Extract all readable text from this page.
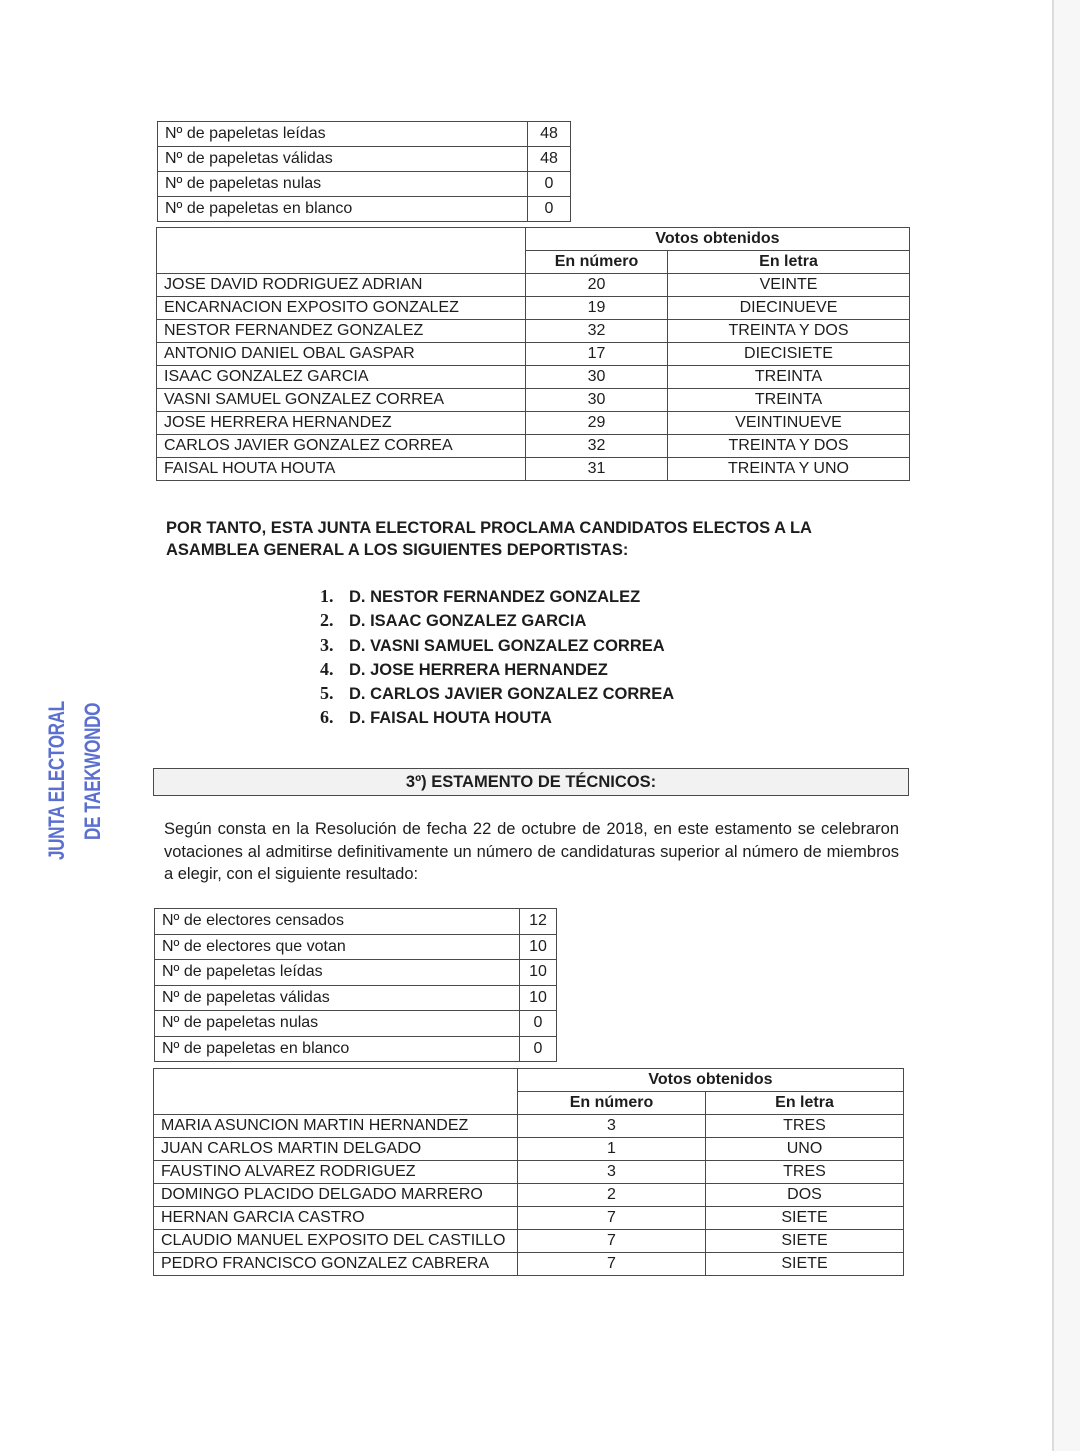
JUNTA ELECTORAL DE TAEKWONDO
Nº de papeletas leídas	48
Nº de papeletas válidas	48
Nº de papeletas nulas	0
Nº de papeletas en blanco	0
	Votos obtenidos	
	En número	En letra
JOSE DAVID RODRIGUEZ ADRIAN	20	VEINTE
ENCARNACION EXPOSITO GONZALEZ	19	DIECINUEVE
NESTOR FERNANDEZ GONZALEZ	32	TREINTA Y DOS
ANTONIO DANIEL OBAL GASPAR	17	DIECISIETE
ISAAC GONZALEZ GARCIA	30	TREINTA
VASNI SAMUEL GONZALEZ CORREA	30	TREINTA
JOSE HERRERA HERNANDEZ	29	VEINTINUEVE
CARLOS JAVIER GONZALEZ CORREA	32	TREINTA Y DOS
FAISAL HOUTA HOUTA	31	TREINTA Y UNO
POR TANTO, ESTA JUNTA ELECTORAL PROCLAMA CANDIDATOS ELECTOS A LA ASAMBLEA GENERAL A LOS SIGUIENTES DEPORTISTAS:
1. D. NESTOR FERNANDEZ GONZALEZ
2. D. ISAAC GONZALEZ GARCIA
3. D. VASNI SAMUEL GONZALEZ CORREA
4. D. JOSE HERRERA HERNANDEZ
5. D. CARLOS JAVIER GONZALEZ CORREA
6. D. FAISAL HOUTA HOUTA
3º) ESTAMENTO DE TÉCNICOS:
Según consta en la Resolución de fecha 22 de octubre de 2018, en este estamento se celebraron votaciones al admitirse definitivamente un número de candidaturas superior al número de miembros a elegir, con el siguiente resultado:
Nº de electores censados	12
Nº de electores que votan	10
Nº de papeletas leídas	10
Nº de papeletas válidas	10
Nº de papeletas nulas	0
Nº de papeletas en blanco	0
	Votos obtenidos	
	En número	En letra
MARIA ASUNCION MARTIN HERNANDEZ	3	TRES
JUAN CARLOS MARTIN DELGADO	1	UNO
FAUSTINO ALVAREZ RODRIGUEZ	3	TRES
DOMINGO PLACIDO DELGADO MARRERO	2	DOS
HERNAN GARCIA CASTRO	7	SIETE
CLAUDIO MANUEL EXPOSITO DEL CASTILLO	7	SIETE
PEDRO FRANCISCO GONZALEZ CABRERA	7	SIETE
